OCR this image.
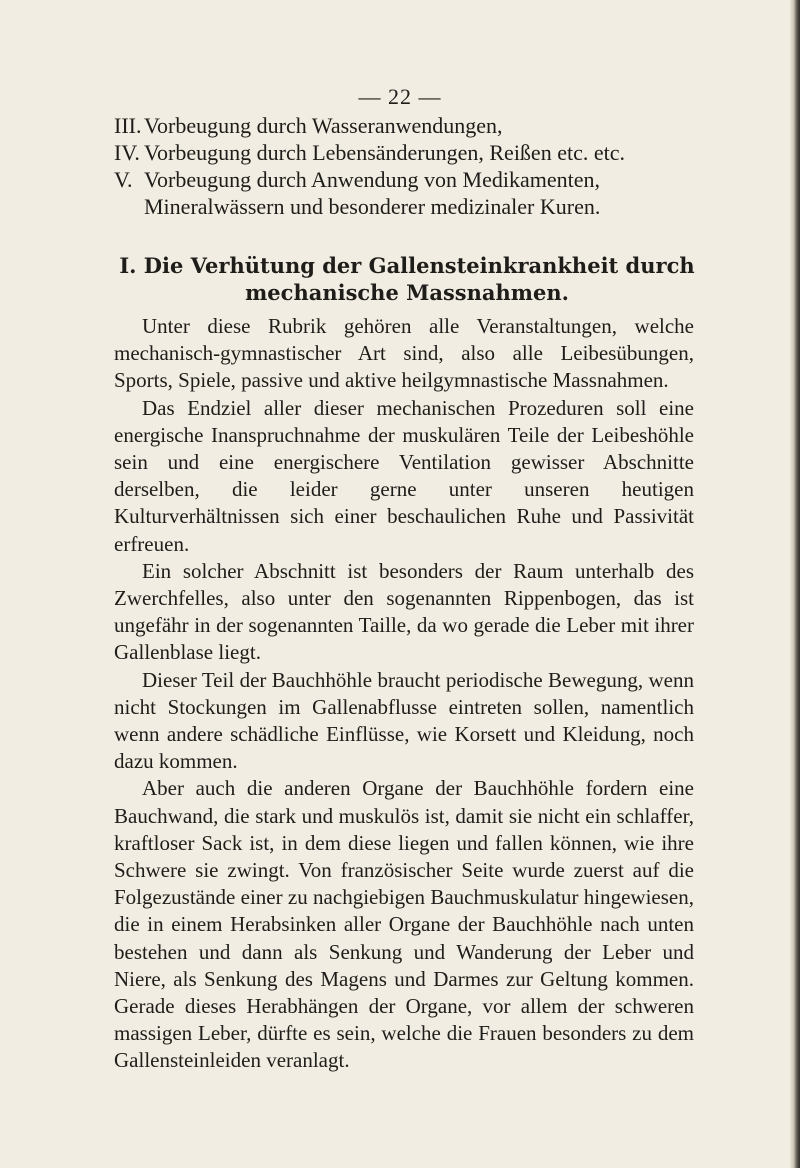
— 22 —
III. Vorbeugung durch Wasseranwendungen,
IV. Vorbeugung durch Lebensänderungen, Reißen etc. etc.
V. Vorbeugung durch Anwendung von Medikamenten, Mineralwässern und besonderer medizinaler Kuren.
I. Die Verhütung der Gallensteinkrankheit durch mechanische Massnahmen.

Unter diese Rubrik gehören alle Veranstaltungen, welche mechanisch-gymnastischer Art sind, also alle Leibesübungen, Sports, Spiele, passive und aktive heilgymnastische Massnahmen.

Das Endziel aller dieser mechanischen Prozeduren soll eine energische Inanspruchnahme der muskulären Teile der Leibeshöhle sein und eine energischere Ventilation gewisser Abschnitte derselben, die leider gerne unter unseren heutigen Kulturverhältnissen sich einer beschaulichen Ruhe und Passivität erfreuen.

Ein solcher Abschnitt ist besonders der Raum unterhalb des Zwerchfelles, also unter den sogenannten Rippenbogen, das ist ungefähr in der sogenannten Taille, da wo gerade die Leber mit ihrer Gallenblase liegt.

Dieser Teil der Bauchhöhle braucht periodische Bewegung, wenn nicht Stockungen im Gallenabflusse eintreten sollen, namentlich wenn andere schädliche Einflüsse, wie Korsett und Kleidung, noch dazu kommen.

Aber auch die anderen Organe der Bauchhöhle fordern eine Bauchwand, die stark und muskulös ist, damit sie nicht ein schlaffer, kraftloser Sack ist, in dem diese liegen und fallen können, wie ihre Schwere sie zwingt. Von französischer Seite wurde zuerst auf die Folgezustände einer zu nachgiebigen Bauchmuskulatur hingewiesen, die in einem Herabsinken aller Organe der Bauchhöhle nach unten bestehen und dann als Senkung und Wanderung der Leber und Niere, als Senkung des Magens und Darmes zur Geltung kommen. Gerade dieses Herabhängen der Organe, vor allem der schweren massigen Leber, dürfte es sein, welche die Frauen besonders zu dem Gallensteinleiden veranlagt.
